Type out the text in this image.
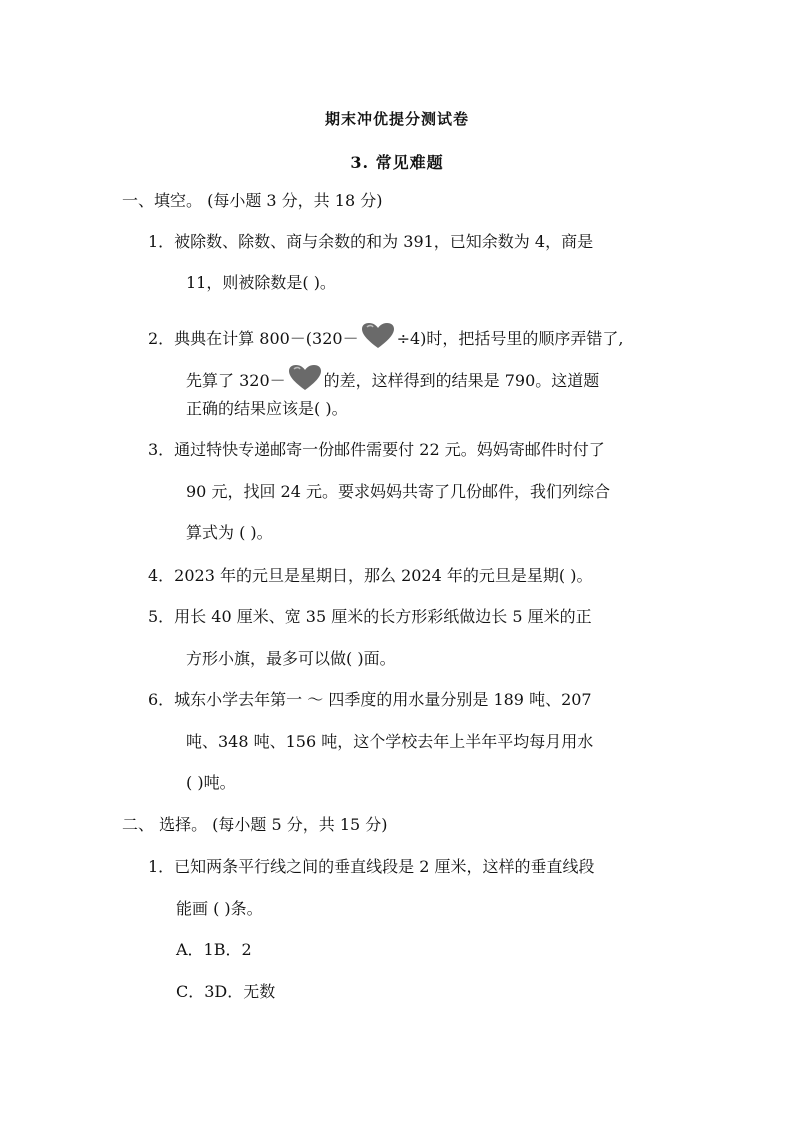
期末冲优提分测试卷
3. 常见难题
一、填空。 (每小题 3 分，共 18 分)
1．被除数、除数、商与余数的和为 391，已知余数为 4，商是
11，则被除数是( )。
2．典典在计算 800－(320－ ÷4)时，把括号里的顺序弄错了,
先算了 320－ 的差，这样得到的结果是 790。这道题
正确的结果应该是( )。
3．通过特快专递邮寄一份邮件需要付 22 元。妈妈寄邮件时付了
90 元，找回 24 元。要求妈妈共寄了几份邮件，我们列综合
算式为 ( )。
4．2023 年的元旦是星期日，那么 2024 年的元旦是星期( )。
5．用长 40 厘米、宽 35 厘米的长方形彩纸做边长 5 厘米的正
方形小旗，最多可以做( )面。
6．城东小学去年第一 ～ 四季度的用水量分别是 189 吨、207
吨、348 吨、156 吨，这个学校去年上半年平均每月用水
( )吨。
二、 选择。 (每小题 5 分，共 15 分)
1．已知两条平行线之间的垂直线段是 2 厘米，这样的垂直线段
能画 ( )条。
A．1B．2
C．3D．无数
